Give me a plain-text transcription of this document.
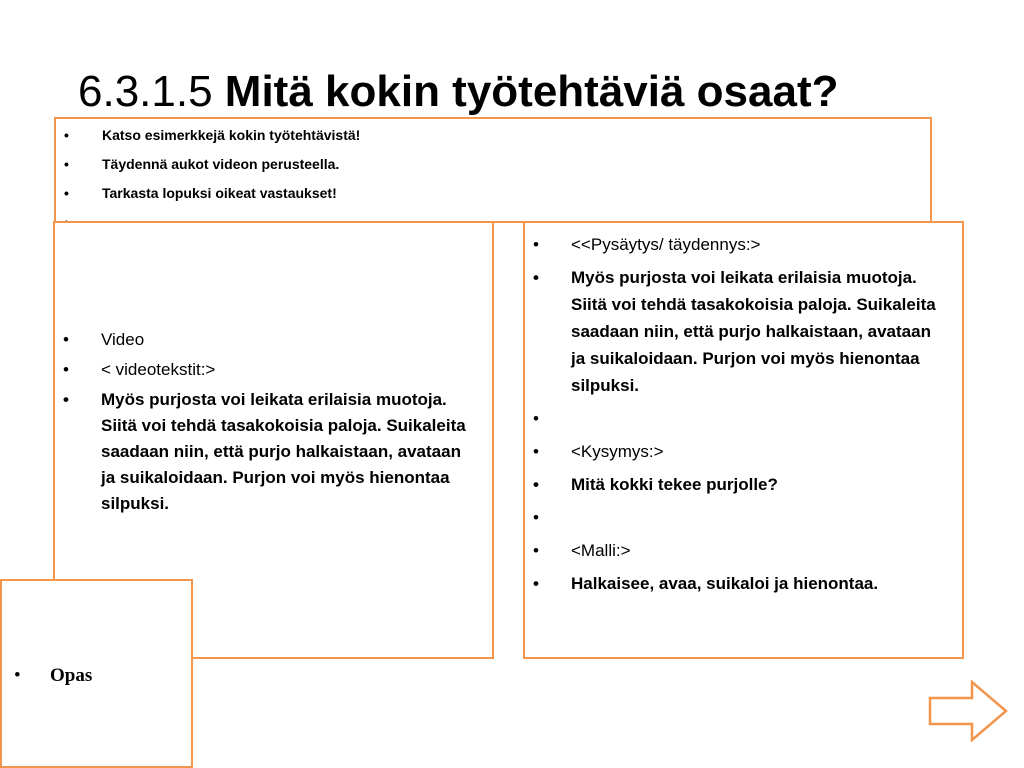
6.3.1.5 Mitä kokin työtehtäviä osaat?
• Katso esimerkkejä kokin työtehtävistä!
• Täydennä aukot videon perusteella.
• Tarkasta lopuksi oikeat vastaukset!
•
• Video
• < videotekstit:>
• Myös purjosta voi leikata erilaisia muotoja. Siitä voi tehdä tasakokoisia paloja. Suikaleita saadaan niin, että purjo halkaistaan, avataan ja suikaloidaan. Purjon voi myös hienontaa silpuksi.
• <<Pysäytys/ täydennys:>
• Myös purjosta voi leikata erilaisia muotoja. Siitä voi tehdä tasakokoisia paloja. Suikaleita saadaan niin, että purjo halkaistaan, avataan ja suikaloidaan. Purjon voi myös hienontaa silpuksi.
•
• <Kysymys:>
• Mitä kokki tekee purjolle?
•
• <Malli:>
• Halkaisee, avaa, suikaloi ja hienontaa.
• Opas
